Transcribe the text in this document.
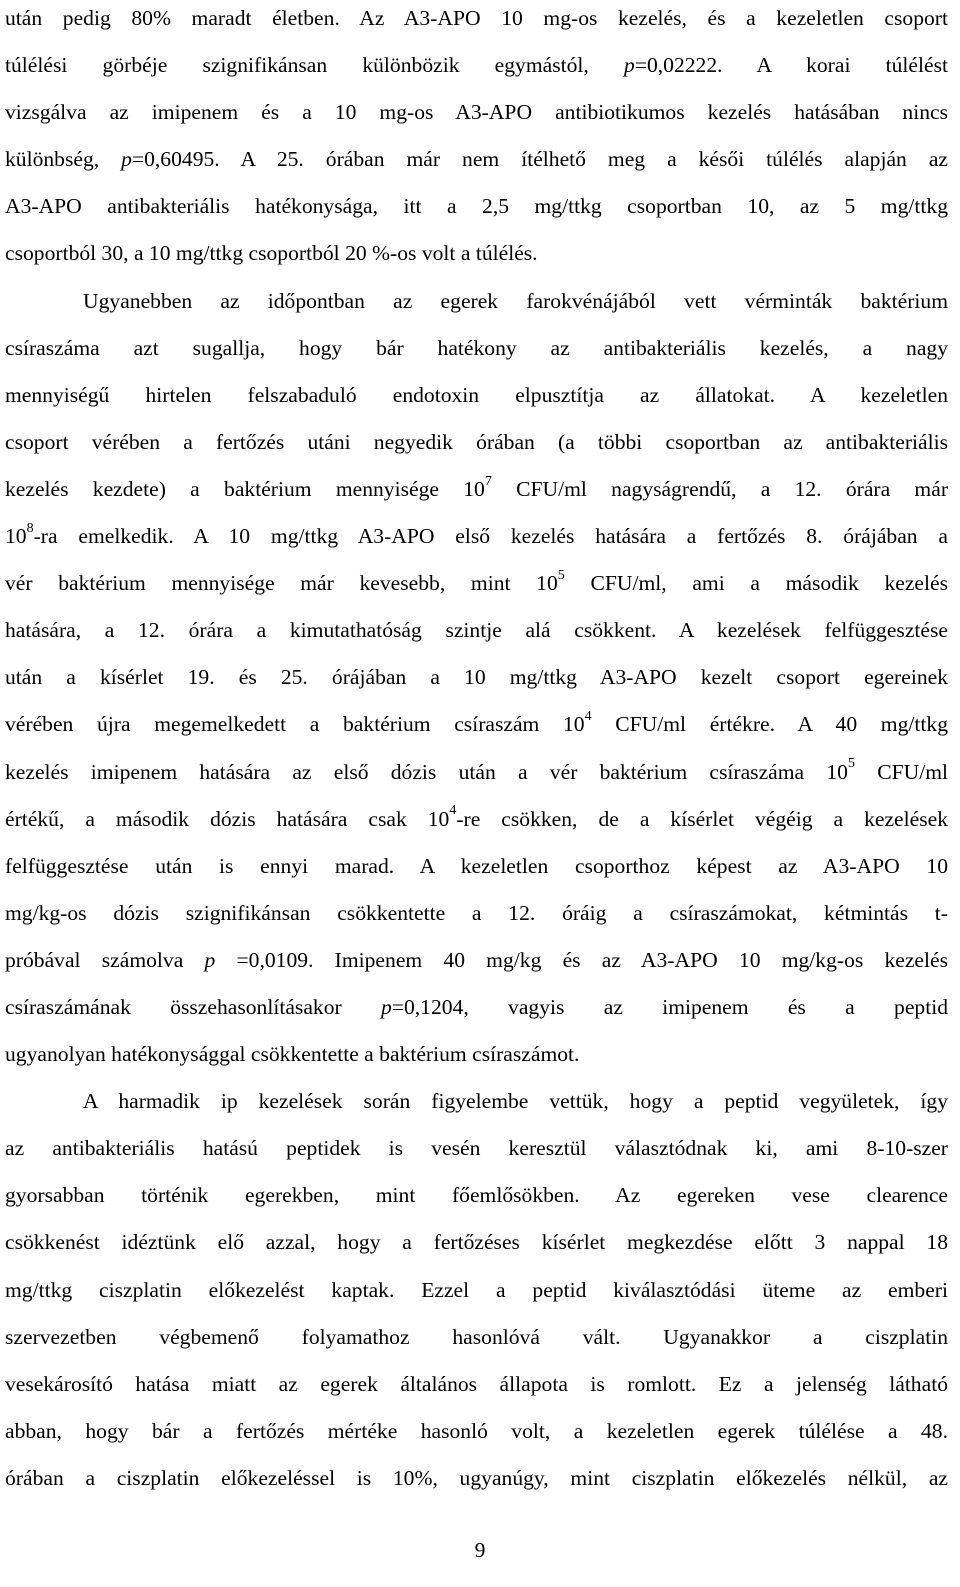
után pedig 80% maradt életben. Az A3-APO 10 mg-os kezelés, és a kezeletlen csoport
túlélési görbéje szignifikánsan különbözik egymástól, p=0,02222. A korai túlélést
vizsgálva az imipenem és a 10 mg-os A3-APO antibiotikumos kezelés hatásában nincs
különbség, p=0,60495. A 25. órában már nem ítélhető meg a késői túlélés alapján az
A3-APO antibakteriális hatékonysága, itt a 2,5 mg/ttkg csoportban 10, az 5 mg/ttkg
csoportból 30, a 10 mg/ttkg csoportból 20 %-os volt a túlélés.
Ugyanebben az időpontban az egerek farokvénájából vett vérminták baktérium
csíraszáma azt sugallja, hogy bár hatékony az antibakteriális kezelés, a nagy
mennyiségű hirtelen felszabaduló endotoxin elpusztítja az állatokat. A kezeletlen
csoport vérében a fertőzés utáni negyedik órában (a többi csoportban az antibakteriális
kezelés kezdete) a baktérium mennyisége $10^7$ CFU/ml nagyságrendű, a 12. órára már
$10^8-ra$ emelkedik. A 10 mg/ttkg A3-APO első kezelés hatására a fertőzés 8. órájában a
vér baktérium mennyisége már kevesebb, mint $10^5$ CFU/ml, ami a második kezelés
hatására, a 12. órára a kimutathatóság szintje alá csökkent. A kezelések felfüggesztése
után a kísérlet 19. és 25. órájában a 10 mg/ttkg A3-APO kezelt csoport egereinek
vérében újra megemelkedett a baktérium csíraszám $10^4$ CFU/ml értékre. A 40 mg/ttkg
kezelés imipenem hatására az első dózis után a vér baktérium csíraszáma $10^5$ CFU/ml
értékű, a második dózis hatására csak $10^4-re$ csökken, de a kísérlet végéig a kezelések
felfüggesztése után is ennyi marad. A kezeletlen csoporthoz képest az A3-APO 10
mg/kg-os dózis szignifikánsan csökkentette a 12. óráig a csíraszámokat, kétmintás t-
próbával számolva p =0,0109. Imipenem 40 mg/kg és az A3-APO 10 mg/kg-os kezelés
csíraszámának összehasonlításakor p=0,1204, vagyis az imipenem és a peptid
ugyanolyan hatékonysággal csökkentette a baktérium csíraszámot.
A harmadik ip kezelések során figyelembe vettük, hogy a peptid vegyületek, így
az antibakteriális hatású peptidek is vesén keresztül választódnak ki, ami 8-10-szer
gyorsabban történik egerekben, mint főemlősökben. Az egereken vese clearence
csökkenést idéztünk elő azzal, hogy a fertőzéses kísérlet megkezdése előtt 3 nappal 18
mg/ttkg ciszplatin előkezelést kaptak. Ezzel a peptid kiválasztódási üteme az emberi
szervezetben végbemenő folyamathoz hasonlóvá vált. Ugyanakkor a ciszplatin
vesekárosító hatása miatt az egerek általános állapota is romlott. Ez a jelenség látható
abban, hogy bár a fertőzés mértéke hasonló volt, a kezeletlen egerek túlélése a 48.
órában a ciszplatin előkezeléssel is 10%, ugyanúgy, mint ciszplatin előkezelés nélkül, az
9
